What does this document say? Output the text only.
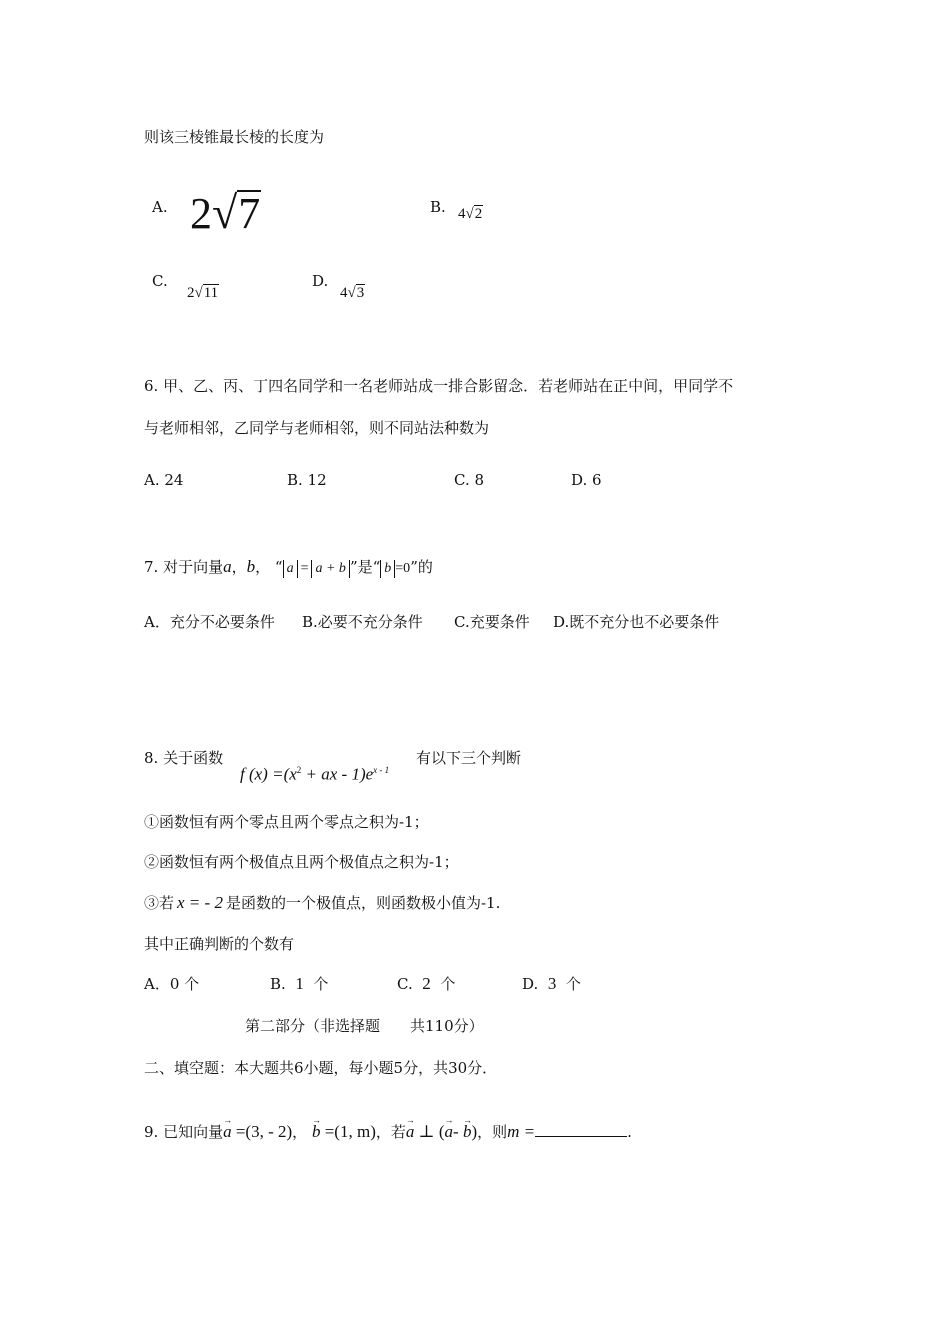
则该三棱锥最长棱的长度为
A. 2√7	B. 4√2
C.
2√11
D.
4√3
6. 甲、乙、丙、丁四名同学和一名老师站成一排合影留念．若老师站在正中间，甲同学不
与老师相邻，乙同学与老师相邻，则不同站法种数为
A. 24	B. 12	C. 8	D. 6
7. 对于向量a，b， “ a = a + b ”是“ b =0”的
A．充分不必要条件 B.必要不充分条件 C.充要条件 D.既不充分也不必要条件
8. 关于函数
f $(x) =(x^2$ + ax - $1)e^{x - 1}$
有以下三个判断
①函数恒有两个零点且两个零点之积为-1；
②函数恒有两个极值点且两个极值点之积为-1；
③若 x = - 2 是函数的一个极值点，则函数极小值为-1.
其中正确判断的个数有
A．0 个	B. 1 个	C. 2 个	D. 3 个
第二部分（非选择题　　共110分）
二、填空题：本大题共6小题，每小题5分，共30分．
9. 已知向量→ a =(3, - 2)， → b =(1, m)，若→ a ⊥ (→ a- → b)，则m =	.
